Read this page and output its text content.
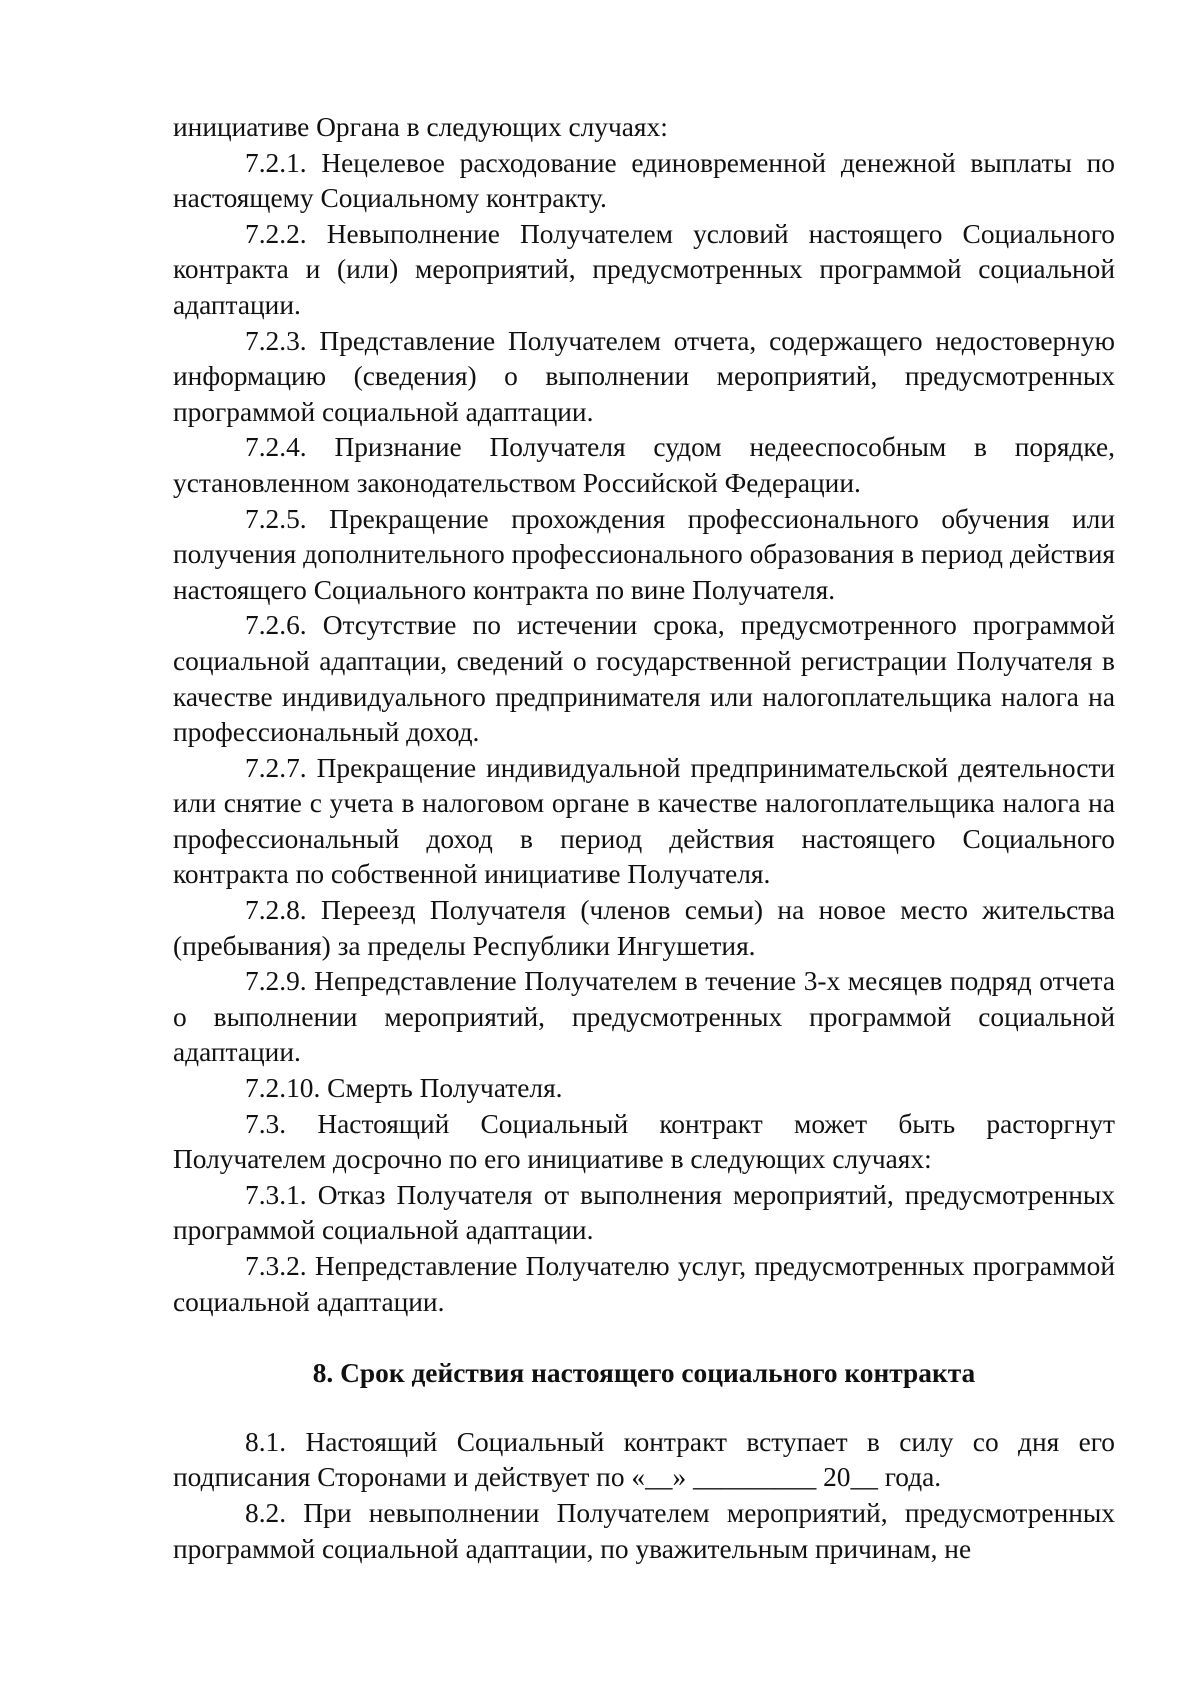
инициативе Органа в следующих случаях:

7.2.1. Нецелевое расходование единовременной денежной выплаты по настоящему Социальному контракту.

7.2.2. Невыполнение Получателем условий настоящего Социального контракта и (или) мероприятий, предусмотренных программой социальной адаптации.

7.2.3. Представление Получателем отчета, содержащего недостоверную информацию (сведения) о выполнении мероприятий, предусмотренных программой социальной адаптации.

7.2.4. Признание Получателя судом недееспособным в порядке, установленном законодательством Российской Федерации.

7.2.5. Прекращение прохождения профессионального обучения или получения дополнительного профессионального образования в период действия настоящего Социального контракта по вине Получателя.

7.2.6. Отсутствие по истечении срока, предусмотренного программой социальной адаптации, сведений о государственной регистрации Получателя в качестве индивидуального предпринимателя или налогоплательщика налога на профессиональный доход.

7.2.7. Прекращение индивидуальной предпринимательской деятельности или снятие с учета в налоговом органе в качестве налогоплательщика налога на профессиональный доход в период действия настоящего Социального контракта по собственной инициативе Получателя.

7.2.8. Переезд Получателя (членов семьи) на новое место жительства (пребывания) за пределы Республики Ингушетия.

7.2.9. Непредставление Получателем в течение 3-х месяцев подряд отчета о выполнении мероприятий, предусмотренных программой социальной адаптации.

7.2.10. Смерть Получателя.

7.3. Настоящий Социальный контракт может быть расторгнут Получателем досрочно по его инициативе в следующих случаях:

7.3.1. Отказ Получателя от выполнения мероприятий, предусмотренных программой социальной адаптации.

7.3.2. Непредставление Получателю услуг, предусмотренных программой социальной адаптации.

8. Срок действия настоящего социального контракта

8.1. Настоящий Социальный контракт вступает в силу со дня его подписания Сторонами и действует по «__» _________ 20__ года.

8.2. При невыполнении Получателем мероприятий, предусмотренных программой социальной адаптации, по уважительным причинам, не
